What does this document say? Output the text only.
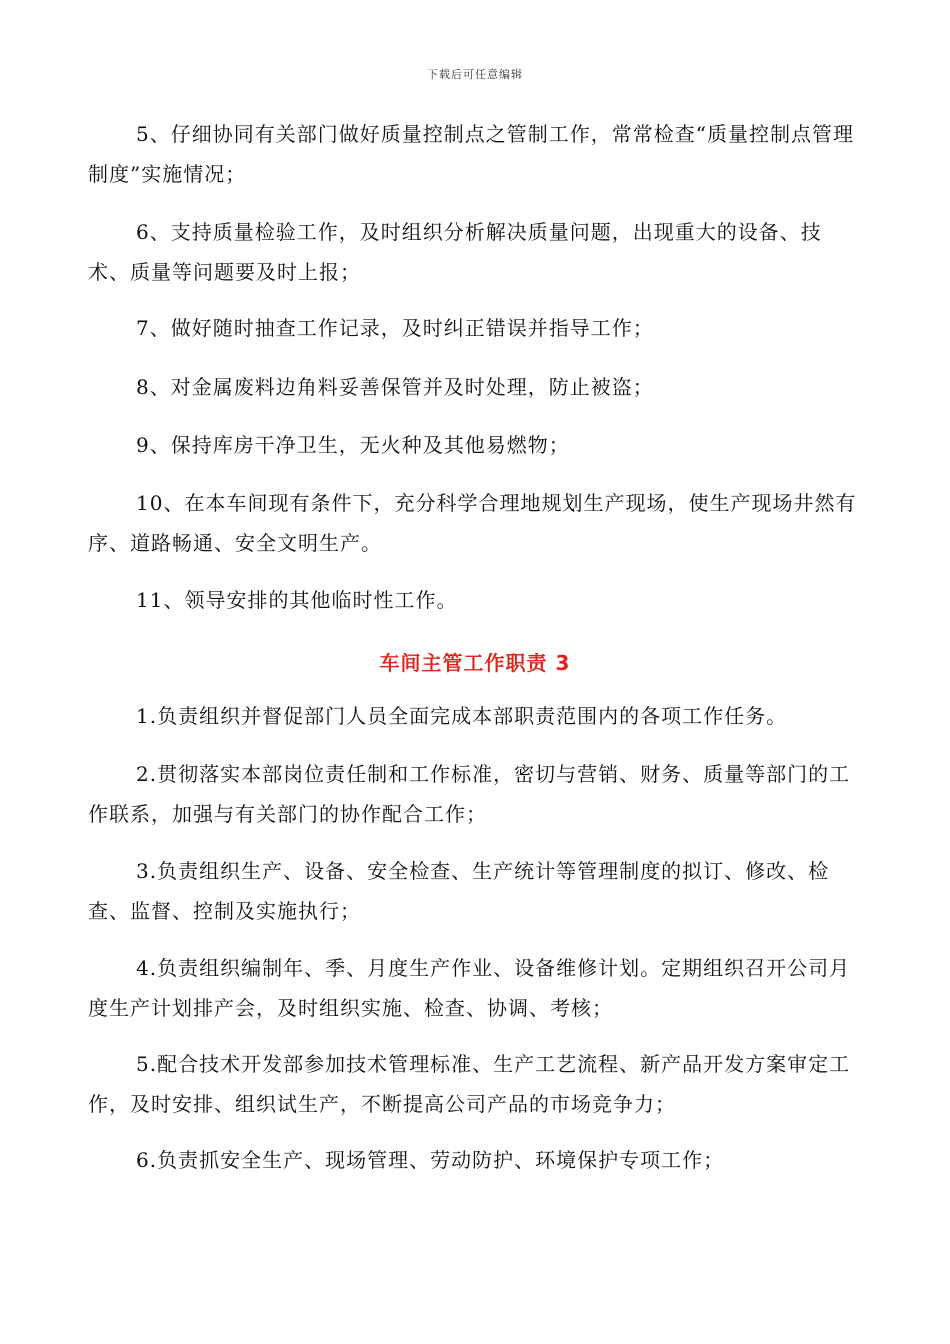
下载后可任意编辑

5、仔细协同有关部门做好质量控制点之管制工作，常常检查“质量控制点管理制度”实施情况；

6、支持质量检验工作，及时组织分析解决质量问题，出现重大的设备、技术、质量等问题要及时上报；

7、做好随时抽查工作记录，及时纠正错误并指导工作；

8、对金属废料边角料妥善保管并及时处理，防止被盗；

9、保持库房干净卫生，无火种及其他易燃物；

10、在本车间现有条件下，充分科学合理地规划生产现场，使生产现场井然有 序、道路畅通、安全文明生产。

11、领导安排的其他临时性工作。

车间主管工作职责 3

1.负责组织并督促部门人员全面完成本部职责范围内的各项工作任务。

2.贯彻落实本部岗位责任制和工作标准，密切与营销、财务、质量等部门的工作联系，加强与有关部门的协作配合工作；

3.负责组织生产、设备、安全检查、生产统计等管理制度的拟订、修改、检查、监督、控制及实施执行；

4.负责组织编制年、季、月度生产作业、设备维修计划。定期组织召开公司月度生产计划排产会，及时组织实施、检查、协调、考核；

5.配合技术开发部参加技术管理标准、生产工艺流程、新产品开发方案审定工作，及时安排、组织试生产，不断提高公司产品的市场竞争力；

6.负责抓安全生产、现场管理、劳动防护、环境保护专项工作；
